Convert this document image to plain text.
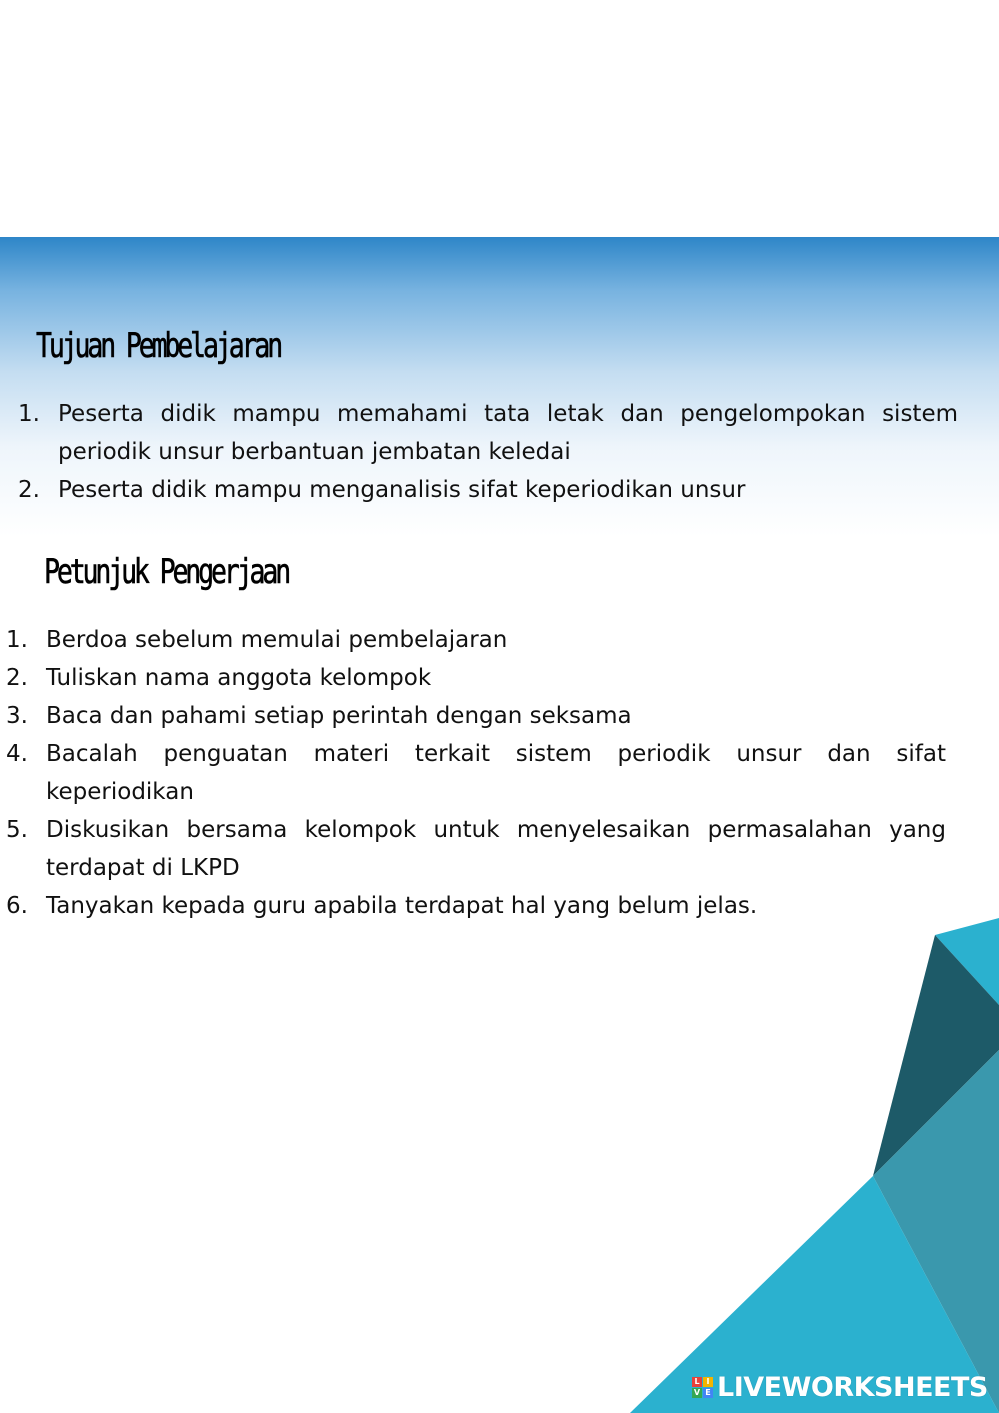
Tujuan Pembelajaran
1. Peserta didik mampu memahami tata letak dan pengelompokan sistem periodik unsur berbantuan jembatan keledai
2. Peserta didik mampu menganalisis sifat keperiodikan unsur
Petunjuk Pengerjaan
1. Berdoa sebelum memulai pembelajaran
2. Tuliskan nama anggota kelompok
3. Baca dan pahami setiap perintah dengan seksama
4. Bacalah penguatan materi terkait sistem periodik unsur dan sifat keperiodikan
5. Diskusikan bersama kelompok untuk menyelesaikan permasalahan yang terdapat di LKPD
6. Tanyakan kepada guru apabila terdapat hal yang belum jelas.
L I
V E LIVEWORKSHEETS
